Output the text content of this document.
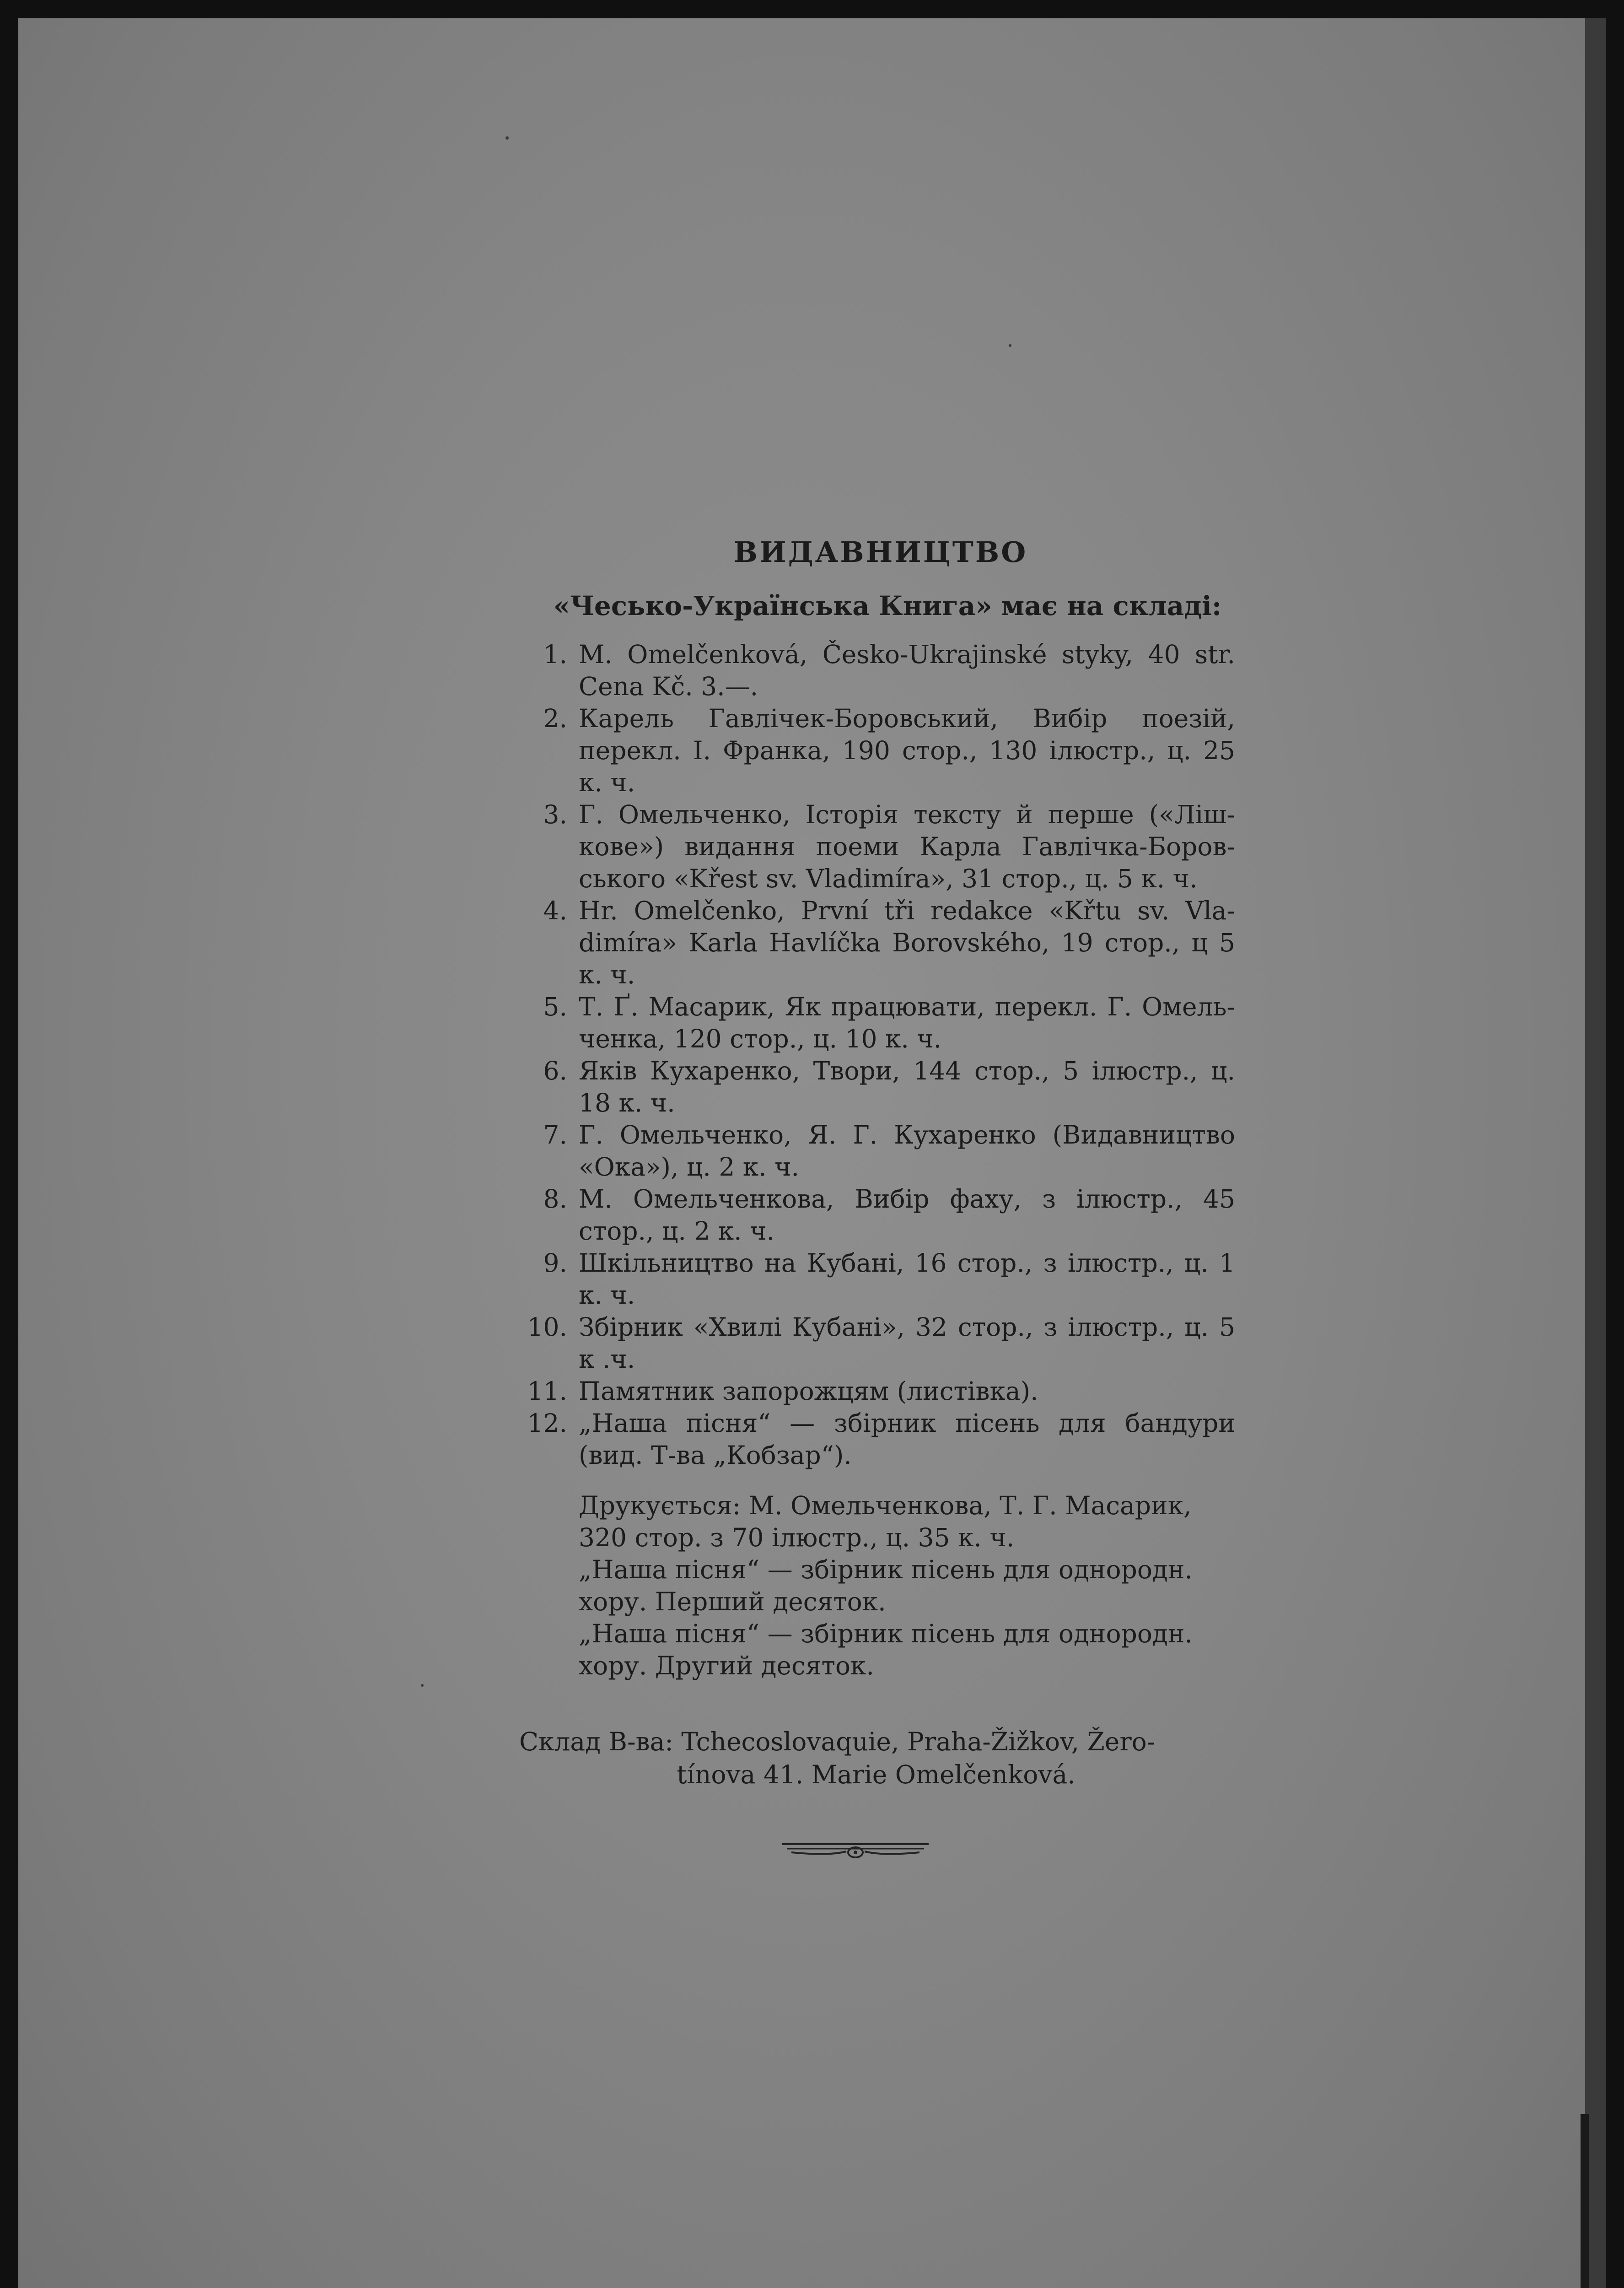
ВИДАВНИЦТВО
«Чесько-Українська Книга» має на складі:
1. M. Omelčenková, Česko-Ukrajinské styky, 40 str. Cena Kč. 3.—.
2. Карель Гавлічек-Боровський, Вибір поезій, перекл. І. Франка, 190 стор., 130 ілюстр., ц. 25 к. ч.
3. Г. Омельченко, Історія тексту й перше («Ліш-кове») видання поеми Карла Гавлічка-Боров-ського «Křest sv. Vladimíra», 31 стор., ц. 5 к. ч.
4. Hr. Omelčenko, První tři redakce «Křtu sv. Vla-dimíra» Karla Havlíčka Borovského, 19 стор., ц 5 к. ч.
5. Т. Ґ. Масарик, Як працювати, перекл. Г. Омель-ченка, 120 стор., ц. 10 к. ч.
6. Яків Кухаренко, Твори, 144 стор., 5 ілюстр., ц. 18 к. ч.
7. Г. Омельченко, Я. Г. Кухаренко (Видавництво «Ока»), ц. 2 к. ч.
8. М. Омельченкова, Вибір фаху, з ілюстр., 45 стор., ц. 2 к. ч.
9. Шкільництво на Кубані, 16 стор., з ілюстр., ц. 1 к. ч.
10. Збірник «Хвилі Кубані», 32 стор., з ілюстр., ц. 5 к .ч.
11. Памятник запорожцям (листівка).
12. „Наша пісня“ — збірник пісень для бандури (вид. Т-ва „Кобзар“).
Друкується: М. Омельченкова, Т. Г. Масарик,
320 стор. з 70 ілюстр., ц. 35 к. ч.
„Наша пісня“ — збірник пісень для однородн.
хору. Перший десяток.
„Наша пісня“ — збірник пісень для однородн.
хору. Другий десяток.
Склад В-ва: Tchecoslovaquie, Praha-Žižkov, Žero-
tínova 41. Marie Omelčenková.
